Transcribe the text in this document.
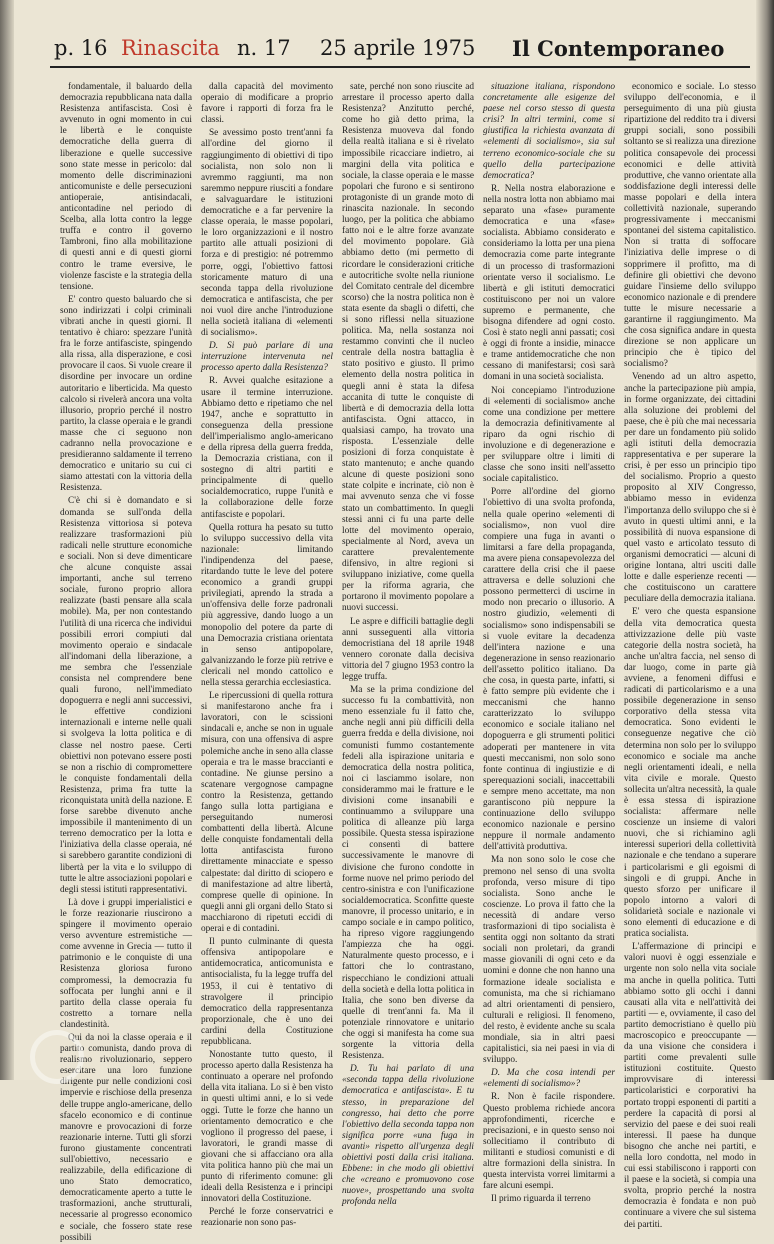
p. 16 Rinascita n. 17 25 aprile 1975 Il Contemporaneo

fondamentale, il baluardo della democrazia repubblicana nata dalla Resistenza antifascista. Così è avvenuto in ogni momento in cui le libertà e le conquiste democratiche della guerra di liberazione e quelle successive sono state messe in pericolo: dal momento delle discriminazioni anticomuniste e delle persecuzioni antioperaie, antisindacali, anticontadine nel periodo di Scelba, alla lotta contro la legge truffa e contro il governo Tambroni, fino alla mobilitazione di questi anni e di questi giorni contro le trame eversive, le violenze fasciste e la strategia della tensione.

E' contro questo baluardo che si sono indirizzati i colpi criminali vibrati anche in questi giorni. Il tentativo è chiaro: spezzare l'unità fra le forze antifasciste, spingendo alla rissa, alla disperazione, e così provocare il caos. Si vuole creare il disordine per invocare un ordine autoritario e liberticida. Ma questo calcolo si rivelerà ancora una volta illusorio, proprio perché il nostro partito, la classe operaia e le grandi masse che ci seguono non cadranno nella provocazione e presidieranno saldamente il terreno democratico e unitario su cui ci siamo attestati con la vittoria della Resistenza.

C'è chi si è domandato e si domanda se sull'onda della Resistenza vittoriosa si poteva realizzare trasformazioni più radicali nelle strutture economiche e sociali. Non si deve dimenticare che alcune conquiste assai importanti, anche sul terreno sociale, furono proprio allora realizzate (basti pensare alla scala mobile). Ma, per non contestando l'utilità di una ricerca che individui possibili errori compiuti dal movimento operaio e sindacale all'indomani della liberazione, a me sembra che l'essenziale consista nel comprendere bene quali furono, nell'immediato dopoguerra e negli anni successivi, le effettive condizioni internazionali e interne nelle quali si svolgeva la lotta politica e di classe nel nostro paese. Certi obiettivi non potevano essere posti se non a rischio di compromettere le conquiste fondamentali della Resistenza, prima fra tutte la riconquistata unità della nazione. E forse sarebbe divenuto anche impossibile il mantenimento di un terreno democratico per la lotta e l'iniziativa della classe operaia, né si sarebbero garantite condizioni di libertà per la vita e lo sviluppo di tutte le altre associazioni popolari e degli stessi istituti rappresentativi.

Là dove i gruppi imperialistici e le forze reazionarie riuscirono a spingere il movimento operaio verso avventure estremistiche — come avvenne in Grecia — tutto il patrimonio e le conquiste di una Resistenza gloriosa furono compromessi, la democrazia fu soffocata per lunghi anni e il partito della classe operaia fu costretto a tornare nella clandestinità.

Qui da noi la classe operaia e il partito comunista, dando prova di realismo rivoluzionario, seppero esercitare una loro funzione dirigente pur nelle condizioni così impervie e rischiose della presenza delle truppe anglo-americane, dello sfacelo economico e di continue manovre e provocazioni di forze reazionarie interne. Tutti gli sforzi furono giustamente concentrati sull'obiettivo, necessario e realizzabile, della edificazione di uno Stato democratico, democraticamente aperto a tutte le trasformazioni, anche strutturali, necessarie al progresso economico e sociale, che fossero state rese possibili

dalla capacità del movimento operaio di modificare a proprio favore i rapporti di forza fra le classi.

Se avessimo posto trent'anni fa all'ordine del giorno il raggiungimento di obiettivi di tipo socialista, non solo non li avremmo raggiunti, ma non saremmo neppure riusciti a fondare e salvaguardare le istituzioni democratiche e a far pervenire la classe operaia, le masse popolari, le loro organizzazioni e il nostro partito alle attuali posizioni di forza e di prestigio: né potremmo porre, oggi, l'obiettivo fattosi storicamente maturo di una seconda tappa della rivoluzione democratica e antifascista, che per noi vuol dire anche l'introduzione nella società italiana di «elementi di socialismo».

D. Si può parlare di una interruzione intervenuta nel processo aperto dalla Resistenza?

R. Avvei qualche esitazione a usare il termine interruzione. Abbiamo detto e ripetiamo che nel 1947, anche e soprattutto in conseguenza della pressione dell'imperialismo anglo-americano e della ripresa della guerra fredda, la Democrazia cristiana, con il sostegno di altri partiti e principalmente di quello socialdemocratico, ruppe l'unità e la collaborazione delle forze antifasciste e popolari.

Quella rottura ha pesato su tutto lo sviluppo successivo della vita nazionale: limitando l'indipendenza del paese, ritardando tutte le leve del potere economico a grandi gruppi privilegiati, aprendo la strada a un'offensiva delle forze padronali più aggressive, dando luogo a un monopolio del potere da parte di una Democrazia cristiana orientata in senso antipopolare, galvanizzando le forze più retrive e clericali nel mondo cattolico e nella stessa gerarchia ecclesiastica.

Le ripercussioni di quella rottura si manifestarono anche fra i lavoratori, con le scissioni sindacali e, anche se non in uguale misura, con una offensiva di aspre polemiche anche in seno alla classe operaia e tra le masse braccianti e contadine. Ne giunse persino a scatenare vergognose campagne contro la Resistenza, gettando fango sulla lotta partigiana e perseguitando numerosi combattenti della libertà. Alcune delle conquiste fondamentali della lotta antifascista furono direttamente minacciate e spesso calpestate: dal diritto di sciopero e di manifestazione ad altre libertà, comprese quelle di opinione. In quegli anni gli organi dello Stato si macchiarono di ripetuti eccidi di operai e di contadini.

Il punto culminante di questa offensiva antipopolare e antidemocratica, anticomunista e antisocialista, fu la legge truffa del 1953, il cui è tentativo di stravolgere il principio democratico della rappresentanza proporzionale, che è uno dei cardini della Costituzione repubblicana.

Nonostante tutto questo, il processo aperto dalla Resistenza ha continuato a operare nel profondo della vita italiana. Lo si è ben visto in questi ultimi anni, e lo si vede oggi. Tutte le forze che hanno un orientamento democratico e che vogliono il progresso del paese, i lavoratori, le grandi masse di giovani che si affacciano ora alla vita politica hanno più che mai un punto di riferimento comune: gli ideali della Resistenza e i principi innovatori della Costituzione.

Perché le forze conservatrici e reazionarie non sono pas-

sate, perché non sono riuscite ad arrestare il processo aperto dalla Resistenza? Anzitutto perché, come ho già detto prima, la Resistenza muoveva dal fondo della realtà italiana e si è rivelato impossibile ricacciare indietro, ai margini della vita politica e sociale, la classe operaia e le masse popolari che furono e si sentirono protagoniste di un grande moto di rinascita nazionale. In secondo luogo, per la politica che abbiamo fatto noi e le altre forze avanzate del movimento popolare. Già abbiamo detto (mi permetto di ricordare le considerazioni critiche e autocritiche svolte nella riunione del Comitato centrale del dicembre scorso) che la nostra politica non è stata esente da sbagli o difetti, che si sono riflessi nella situazione politica. Ma, nella sostanza noi restammo convinti che il nucleo centrale della nostra battaglia è stato positivo e giusto. Il primo elemento della nostra politica in quegli anni è stata la difesa accanita di tutte le conquiste di libertà e di democrazia della lotta antifascista. Ogni attacco, in qualsiasi campo, ha trovato una risposta. L'essenziale delle posizioni di forza conquistate è stato mantenuto; e anche quando alcune di queste posizioni sono state colpite e incrinate, ciò non è mai avvenuto senza che vi fosse stato un combattimento. In quegli stessi anni ci fu una parte delle lotte del movimento operaio, specialmente al Nord, aveva un carattere prevalentemente difensivo, in altre regioni si sviluppano iniziative, come quella per la riforma agraria, che portarono il movimento popolare a nuovi successi.

Le aspre e difficili battaglie degli anni susseguenti alla vittoria democristiana del 18 aprile 1948 vennero coronate dalla decisiva vittoria del 7 giugno 1953 contro la legge truffa.

Ma se la prima condizione del successo fu la combattività, non meno essenziale fu il fatto che, anche negli anni più difficili della guerra fredda e della divisione, noi comunisti fummo costantemente fedeli alla ispirazione unitaria e democratica della nostra politica, noi ci lasciammo isolare, non considerammo mai le fratture e le divisioni come insanabili e continuammo a sviluppare una politica di alleanze più larga possibile. Questa stessa ispirazione ci consentì di battere successivamente le manovre di divisione che furono condotte in forme nuove nel primo periodo del centro-sinistra e con l'unificazione socialdemocratica. Sconfitte queste manovre, il processo unitario, e in campo sociale e in campo politico, ha ripreso vigore raggiungendo l'ampiezza che ha oggi. Naturalmente questo processo, e i fattori che lo contrastano, rispecchiano le condizioni attuali della società e della lotta politica in Italia, che sono ben diverse da quelle di trent'anni fa. Ma il potenziale rinnovatore e unitario che oggi si manifesta ha come sua sorgente la vittoria della Resistenza.

D. Tu hai parlato di una «seconda tappa della rivoluzione democratica e antifascista». E tu stesso, in preparazione del congresso, hai detto che porre l'obiettivo della seconda tappa non significa porre «una fuga in avanti» rispetto all'urgenza degli obiettivi posti dalla crisi italiana. Ebbene: in che modo gli obiettivi che «creano e promuovono cose nuove», prospettando una svolta profonda nella

situazione italiana, rispondono concretamente alle esigenze del paese nel corso stesso di questa crisi? In altri termini, come si giustifica la richiesta avanzata di «elementi di socialismo», sia sul terreno economico-sociale che su quello della partecipazione democratica?

R. Nella nostra elaborazione e nella nostra lotta non abbiamo mai separato una «fase» puramente democratica e una «fase» socialista. Abbiamo considerato e consideriamo la lotta per una piena democrazia come parte integrante di un processo di trasformazioni orientate verso il socialismo. Le libertà e gli istituti democratici costituiscono per noi un valore supremo e permanente, che bisogna difendere ad ogni costo. Così è stato negli anni passati; così è oggi di fronte a insidie, minacce e trame antidemocratiche che non cessano di manifestarsi; così sarà domani in una società socialista.

Noi concepiamo l'introduzione di «elementi di socialismo» anche come una condizione per mettere la democrazia definitivamente al riparo da ogni rischio di involuzione e di degenerazione e per sviluppare oltre i limiti di classe che sono insiti nell'assetto sociale capitalistico.

Porre all'ordine del giorno l'obiettivo di una svolta profonda, nella quale operino «elementi di socialismo», non vuol dire compiere una fuga in avanti o limitarsi a fare della propaganda, ma avere piena consapevolezza del carattere della crisi che il paese attraversa e delle soluzioni che possono permetterci di uscirne in modo non precario o illusorio. A nostro giudizio, «elementi di socialismo» sono indispensabili se si vuole evitare la decadenza dell'intera nazione e una degenerazione in senso reazionario dell'assetto politico italiano. Da che cosa, in questa parte, infatti, si è fatto sempre più evidente che i meccanismi che hanno caratterizzato lo sviluppo economico e sociale italiano nel dopoguerra e gli strumenti politici adoperati per mantenere in vita questi meccanismi, non solo sono fonte continua di ingiustizie e di sperequazioni sociali, inaccettabili e sempre meno accettate, ma non garantiscono più neppure la continuazione dello sviluppo economico nazionale e persino neppure il normale andamento dell'attività produttiva.

Ma non sono solo le cose che premono nel senso di una svolta profonda, verso misure di tipo socialista. Sono anche le coscienze. Lo prova il fatto che la necessità di andare verso trasformazioni di tipo socialista è sentita oggi non soltanto da strati sociali non proletari, da grandi masse giovanili di ogni ceto e da uomini e donne che non hanno una formazione ideale socialista e comunista, ma che si richiamano ad altri orientamenti di pensiero, culturali e religiosi. Il fenomeno, del resto, è evidente anche su scala mondiale, sia in altri paesi capitalistici, sia nei paesi in via di sviluppo.

D. Ma che cosa intendi per «elementi di socialismo»?

R. Non è facile rispondere. Questo problema richiede ancora approfondimenti, ricerche e precisazioni, e in questo senso noi sollecitiamo il contributo di militanti e studiosi comunisti e di altre formazioni della sinistra. In questa intervista vorrei limitarmi a fare alcuni esempi.

Il primo riguarda il terreno

economico e sociale. Lo stesso sviluppo dell'economia, e il perseguimento di una più giusta ripartizione del reddito tra i diversi gruppi sociali, sono possibili soltanto se si realizza una direzione politica consapevole dei processi economici e delle attività produttive, che vanno orientate alla soddisfazione degli interessi delle masse popolari e della intera collettività nazionale, superando progressivamente i meccanismi spontanei del sistema capitalistico. Non si tratta di soffocare l'iniziativa delle imprese o di sopprimere il profitto, ma di definire gli obiettivi che devono guidare l'insieme dello sviluppo economico nazionale e di prendere tutte le misure necessarie a garantirne il raggiungimento. Ma che cosa significa andare in questa direzione se non applicare un principio che è tipico del socialismo?

Venendo ad un altro aspetto, anche la partecipazione più ampia, in forme organizzate, dei cittadini alla soluzione dei problemi del paese, che è più che mai necessaria per dare un fondamento più solido agli istituti della democrazia rappresentativa e per superare la crisi, è per esso un principio tipo del socialismo. Proprio a questo proposito al XIV Congresso, abbiamo messo in evidenza l'importanza dello sviluppo che si è avuto in questi ultimi anni, e la possibilità di nuova espansione di quel vasto e articolato tessuto di organismi democratici — alcuni di origine lontana, altri usciti dalle lotte e dalle esperienze recenti — che costituiscono un carattere peculiare della democrazia italiana.

E' vero che questa espansione della vita democratica questa attivizzazione delle più vaste categorie della nostra società, ha anche un'altra faccia, nel senso di dar luogo, come in parte già avviene, a fenomeni diffusi e radicati di particolarismo e a una possibile degenerazione in senso corporativo della stessa vita democratica. Sono evidenti le conseguenze negative che ciò determina non solo per lo sviluppo economico e sociale ma anche negli orientamenti ideali, e nella vita civile e morale. Questo sollecita un'altra necessità, la quale è essa stessa di ispirazione socialista: affermare nelle coscienze un insieme di valori nuovi, che si richiamino agli interessi superiori della collettività nazionale e che tendano a superare i particolarismi e gli egoismi di singoli e di gruppi. Anche in questo sforzo per unificare il popolo intorno a valori di solidarietà sociale e nazionale vi sono elementi di educazione e di pratica socialista.

L'affermazione di principi e valori nuovi è oggi essenziale e urgente non solo nella vita sociale ma anche in quella politica. Tutti abbiamo sotto gli occhi i danni causati alla vita e nell'attività dei partiti — e, ovviamente, il caso del partito democristiano è quello più macroscopico e preoccupante — da una visione che considera i partiti come prevalenti sulle istituzioni costituite. Questo improvvisare di interessi particolaristici e corporativi ha portato troppi esponenti di partiti a perdere la capacità di porsi al servizio del paese e dei suoi reali interessi. Il paese ha dunque bisogno che anche nei partiti, e nella loro condotta, nel modo in cui essi stabiliscono i rapporti con il paese e la società, si compia una svolta, proprio perché la nostra democrazia è fondata e non può continuare a vivere che sul sistema dei partiti.
